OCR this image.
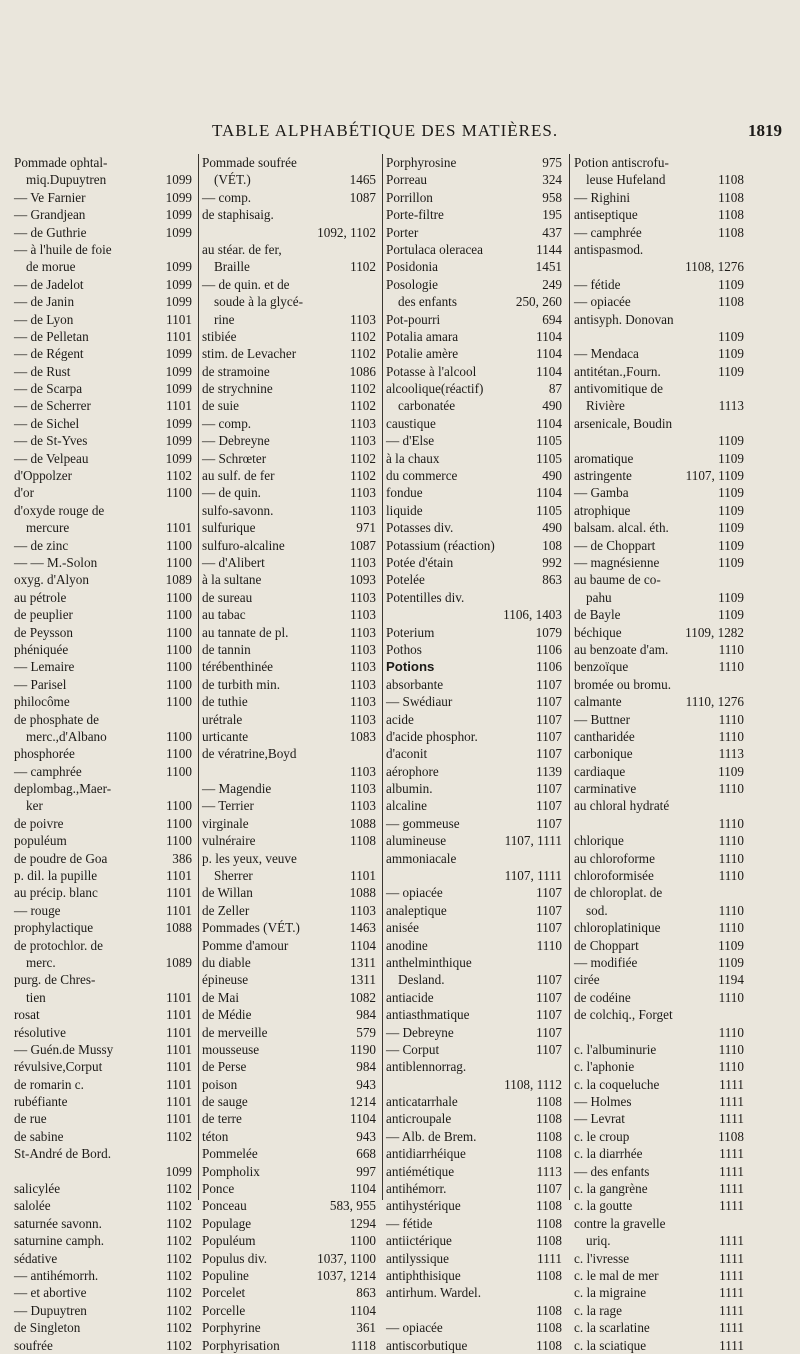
TABLE ALPHABÉTIQUE DES MATIÈRES.	1819
Pommade ophtal-
miq.Dupuytren	1099
— Ve Farnier	1099
— Grandjean	1099
— de Guthrie	1099
— à l'huile de foie
de morue	1099
— de Jadelot	1099
— de Janin	1099
— de Lyon	1101
— de Pelletan	1101
— de Régent	1099
— de Rust	1099
— de Scarpa	1099
— de Scherrer	1101
— de Sichel	1099
— de St-Yves	1099
— de Velpeau	1099
d'Oppolzer	1102
d'or	1100
d'oxyde rouge de
mercure	1101
— de zinc	1100
— — M.-Solon	1100
oxyg. d'Alyon	1089
au pétrole	1100
de peuplier	1100
de Peysson	1100
phéniquée	1100
— Lemaire	1100
— Parisel	1100
philocôme	1100
de phosphate de
merc.,d'Albano	1100
phosphorée	1100
— camphrée	1100
deplombag.,Maer-
ker	1100
de poivre	1100
populéum	1100
de poudre de Goa	386
p. dil. la pupille	1101
au précip. blanc	1101
— rouge	1101
prophylactique	1088
de protochlor. de
merc.	1089
purg. de Chres-
tien	1101
rosat	1101
résolutive	1101
— Guén.de Mussy	1101
révulsive,Corput	1101
de romarin c.	1101
rubéfiante	1101
de rue	1101
de sabine	1102
St-André de Bord.
1099
salicylée	1102
salolée	1102
saturnée savonn.	1102
saturnine camph.	1102
sédative	1102
— antihémorrh.	1102
— et abortive	1102
— Dupuytren	1102
de Singleton	1102
soufrée	1102
Pommade soufrée
(VÉT.)	1465
— comp.	1087
de staphisaig.
1092, 1102
au stéar. de fer,
Braille	1102
— de quin. et de
soude à la glycé-
rine	1103
stibiée	1102
stim. de Levacher	1102
de stramoine	1086
de strychnine	1102
de suie	1102
— comp.	1103
— Debreyne	1103
— Schrœter	1102
au sulf. de fer	1102
— de quin.	1103
sulfo-savonn.	1103
sulfurique	971
sulfuro-alcaline	1087
— d'Alibert	1103
à la sultane	1093
de sureau	1103
au tabac	1103
au tannate de pl.	1103
de tannin	1103
térébenthinée	1103
de turbith min.	1103
de tuthie	1103
urétrale	1103
urticante	1083
de vératrine,Boyd
1103
— Magendie	1103
— Terrier	1103
virginale	1088
vulnéraire	1108
p. les yeux, veuve
Sherrer	1101
de Willan	1088
de Zeller	1103
Pommades (VÉT.)	1463
Pomme d'amour	1104
du diable	1311
épineuse	1311
de Mai	1082
de Médie	984
de merveille	579
mousseuse	1190
de Perse	984
poison	943
de sauge	1214
de terre	1104
téton	943
Pommelée	668
Pompholix	997
Ponce	1104
Ponceau	583, 955
Populage	1294
Populéum	1100
Populus div.	1037, 1100
Populine	1037, 1214
Porcelet	863
Porcelle	1104
Porphyrine	361
Porphyrisation	1118
Porphyrosine	975
Porreau	324
Porrillon	958
Porte-filtre	195
Porter	437
Portulaca oleracea	1144
Posidonia	1451
Posologie	249
des enfants	250, 260
Pot-pourri	694
Potalia amara	1104
Potalie amère	1104
Potasse à l'alcool	1104
alcoolique(réactif)	87
carbonatée	490
caustique	1104
— d'Else	1105
à la chaux	1105
du commerce	490
fondue	1104
liquide	1105
Potasses div.	490
Potassium (réaction)	108
Potée d'étain	992
Potelée	863
Potentilles div.
1106, 1403
Poterium	1079
Pothos	1106
Potions	1106
absorbante	1107
— Swédiaur	1107
acide	1107
d'acide phosphor.	1107
d'aconit	1107
aérophore	1139
albumin.	1107
alcaline	1107
— gommeuse	1107
alumineuse	1107, 1111
ammoniacale
1107, 1111
— opiacée	1107
analeptique	1107
anisée	1107
anodine	1110
anthelminthique
Desland.	1107
antiacide	1107
antiasthmatique	1107
— Debreyne	1107
— Corput	1107
antiblennorrag.
1108, 1112
anticatarrhale	1108
anticroupale	1108
— Alb. de Brem.	1108
antidiarrhéique	1108
antiémétique	1113
antihémorr.	1107
antihystérique	1108
— fétide	1108
antiictérique	1108
antilyssique	1111
antiphthisique	1108
antirhum. Wardel.
1108
— opiacée	1108
antiscorbutique	1108
Potion antiscrofu-
leuse Hufeland	1108
— Righini	1108
antiseptique	1108
— camphrée	1108
antispasmod.
1108, 1276
— fétide	1109
— opiacée	1108
antisyph. Donovan
1109
— Mendaca	1109
antitétan.,Fourn.	1109
antivomitique de
Rivière	1113
arsenicale, Boudin
1109
aromatique	1109
astringente	1107, 1109
— Gamba	1109
atrophique	1109
balsam. alcal. éth.	1109
— de Choppart	1109
— magnésienne	1109
au baume de co-
pahu	1109
de Bayle	1109
béchique	1109, 1282
au benzoate d'am.	1110
benzoïque	1110
bromée ou bromu.
calmante	1110, 1276
— Buttner	1110
cantharidée	1110
carbonique	1113
cardiaque	1109
carminative	1110
au chloral hydraté
1110
chlorique	1110
au chloroforme	1110
chloroformisée	1110
de chloroplat. de
sod.	1110
chloroplatinique	1110
de Choppart	1109
— modifiée	1109
cirée	1194
de codéine	1110
de colchiq., Forget
1110
c. l'albuminurie	1110
c. l'aphonie	1110
c. la coqueluche	1111
— Holmes	1111
— Levrat	1111
c. le croup	1108
c. la diarrhée	1111
— des enfants	1111
c. la gangrène	1111
c. la goutte	1111
contre la gravelle
uriq.	1111
c. l'ivresse	1111
c. le mal de mer	1111
c. la migraine	1111
c. la rage	1111
c. la scarlatine	1111
c. la sciatique	1111
